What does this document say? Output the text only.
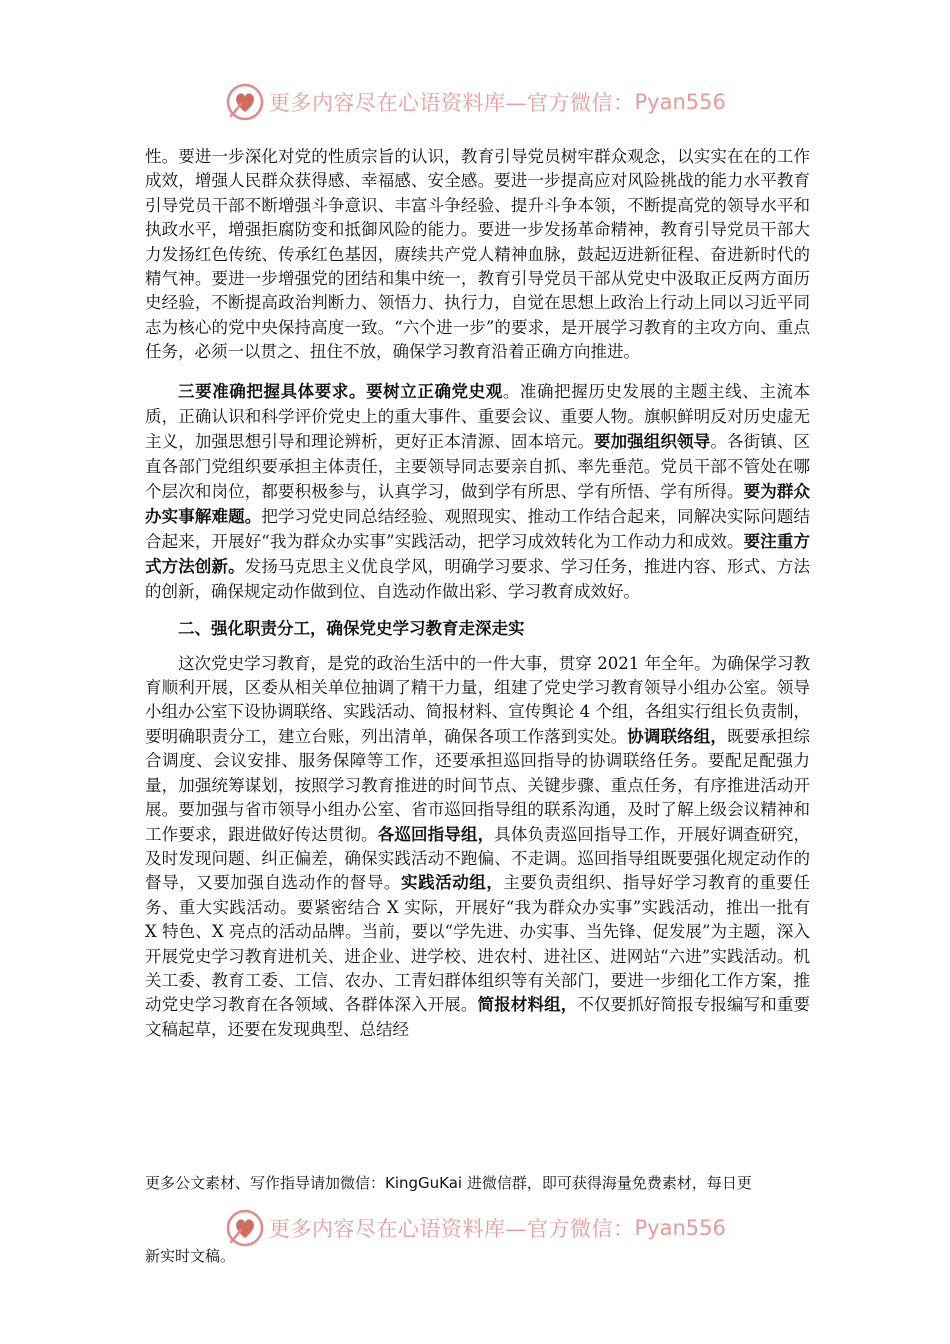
更多内容尽在心语资料库—官方微信： Pyan556

性。要进一步深化对党的性质宗旨的认识，教育引导党员树牢群众观念，以实实在在的工作成效，增强人民群众获得感、幸福感、安全感。要进一步提高应对风险挑战的能力水平教育引导党员干部不断增强斗争意识、丰富斗争经验、提升斗争本领，不断提高党的领导水平和执政水平，增强拒腐防变和抵御风险的能力。要进一步发扬革命精神，教育引导党员干部大力发扬红色传统、传承红色基因，赓续共产党人精神血脉，鼓起迈进新征程、奋进新时代的精气神。要进一步增强党的团结和集中统一，教育引导党员干部从党史中汲取正反两方面历史经验，不断提高政治判断力、领悟力、执行力，自觉在思想上政治上行动上同以习近平同志为核心的党中央保持高度一致。“六个进一步”的要求，是开展学习教育的主攻方向、重点任务，必须一以贯之、扭住不放，确保学习教育沿着正确方向推进。

三要准确把握具体要求。要树立正确党史观。准确把握历史发展的主题主线、主流本质，正确认识和科学评价党史上的重大事件、重要会议、重要人物。旗帜鲜明反对历史虚无主义，加强思想引导和理论辨析，更好正本清源、固本培元。要加强组织领导。各街镇、区直各部门党组织要承担主体责任，主要领导同志要亲自抓、率先垂范。党员干部不管处在哪个层次和岗位，都要积极参与，认真学习，做到学有所思、学有所悟、学有所得。要为群众办实事解难题。把学习党史同总结经验、观照现实、推动工作结合起来，同解决实际问题结合起来，开展好“我为群众办实事”实践活动，把学习成效转化为工作动力和成效。要注重方式方法创新。发扬马克思主义优良学风，明确学习要求、学习任务，推进内容、形式、方法的创新，确保规定动作做到位、自选动作做出彩、学习教育成效好。

二、强化职责分工，确保党史学习教育走深走实

这次党史学习教育，是党的政治生活中的一件大事，贯穿 2021 年全年。为确保学习教育顺利开展，区委从相关单位抽调了精干力量，组建了党史学习教育领导小组办公室。领导小组办公室下设协调联络、实践活动、简报材料、宣传舆论 4 个组，各组实行组长负责制，要明确职责分工，建立台账，列出清单，确保各项工作落到实处。协调联络组，既要承担综合调度、会议安排、服务保障等工作，还要承担巡回指导的协调联络任务。要配足配强力量，加强统筹谋划，按照学习教育推进的时间节点、关键步骤、重点任务，有序推进活动开展。要加强与省市领导小组办公室、省市巡回指导组的联系沟通，及时了解上级会议精神和工作要求，跟进做好传达贯彻。各巡回指导组，具体负责巡回指导工作，开展好调查研究，及时发现问题、纠正偏差，确保实践活动不跑偏、不走调。巡回指导组既要强化规定动作的督导，又要加强自选动作的督导。实践活动组，主要负责组织、指导好学习教育的重要任务、重大实践活动。要紧密结合 X 实际，开展好“我为群众办实事”实践活动，推出一批有 X 特色、X 亮点的活动品牌。当前，要以“学先进、办实事、当先锋、促发展”为主题，深入开展党史学习教育进机关、进企业、进学校、进农村、进社区、进网站“六进”实践活动。机关工委、教育工委、工信、农办、工青妇群体组织等有关部门，要进一步细化工作方案，推动党史学习教育在各领域、各群体深入开展。简报材料组，不仅要抓好简报专报编写和重要文稿起草，还要在发现典型、总结经

更多公文素材、写作指导请加微信：KingGuKai 进微信群，即可获得海量免费素材，每日更
更多内容尽在心语资料库—官方微信： Pyan556
新实时文稿。
